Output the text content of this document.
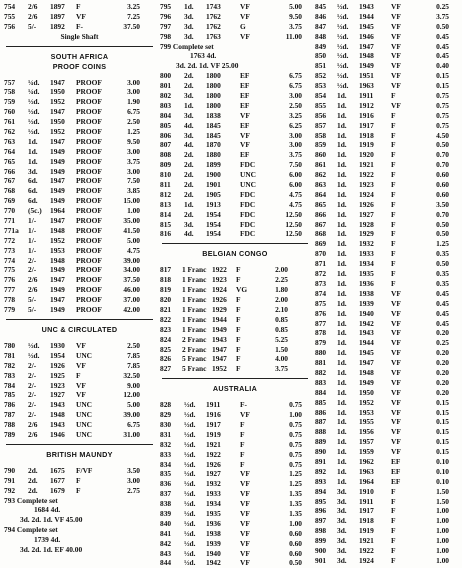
754	2/6	1897	F	3.25
755	2/6	1897	VF	7.25
756	5/-	1892	F-	37.50
Single Shaft
SOUTH AFRICA
PROOF COINS
757	¼d.	1947	PROOF	3.00
758	¼d.	1950	PROOF	3.00
759	½d.	1952	PROOF	1.90
760	½d.	1947	PROOF	6.75
761	½d.	1950	PROOF	2.50
762	½d.	1952	PROOF	1.25
763	1d.	1947	PROOF	9.50
764	1d.	1949	PROOF	3.00
765	1d.	1949	PROOF	3.75
766	3d.	1949	PROOF	3.00
767	6d.	1947	PROOF	7.50
768	6d.	1949	PROOF	3.85
769	6d.	1949	PROOF	15.00
770	(5c.)	1964	PROOF	1.00
771	1/-	1947	PROOF	35.00
771a	1/-	1948	PROOF	41.50
772	1/-	1952	PROOF	5.00
773	1/-	1953	PROOF	4.75
774	2/-	1948	PROOF	39.00
775	2/-	1949	PROOF	34.00
776	2/6	1947	PROOF	37.50
777	2/6	1949	PROOF	46.00
778	5/-	1947	PROOF	37.00
779	5/-	1949	PROOF	42.00
UNC & CIRCULATED
780	½d.	1930	VF	2.50
781	½d.	1954	UNC	7.85
782	2/-	1926	VF	7.85
783	2/-	1925	F	32.50
784	2/-	1923	VF	9.00
785	2/-	1927	VF	12.00
786	2/-	1943	UNC	5.00
787	2/-	1948	UNC	39.00
788	2/6	1943	UNC	6.75
789	2/6	1946	UNC	31.00
BRITISH MAUNDY
790	2d.	1675	F/VF	3.50
791	2d.	1677	F	3.00
792	2d.	1679	F	2.75
793 Complete set
1684 4d.
3d. 2d. 1d. VF 45.00
794 Complete set
1739 4d.
3d. 2d. 1d. EF 40.00
795	1d.	1743	VF	5.00
796	3d.	1762	VF	9.50
797	3d.	1762	G	3.75
798	3d.	1763	VF	11.00
799 Complete set
1763 4d.
3d. 2d. 1d. VF 25.00
800	2d.	1800	EF	6.75
801	2d.	1800	EF	6.75
802	3d.	1800	EF	3.00
803	1d.	1800	EF	2.50
804	3d.	1838	VF	3.25
805	4d.	1845	EF	6.25
806	3d.	1845	VF	3.00
807	4d.	1870	VF	3.00
808	2d.	1880	EF	3.75
809	2d.	1899	FDC	7.50
810	2d.	1900	UNC	6.00
811	2d.	1901	UNC	6.00
812	2d.	1905	FDC	4.75
813	1d.	1913	FDC	4.75
814	2d.	1954	FDC	12.50
815	3d.	1954	FDC	12.50
816	4d.	1954	FDC	12.50
BELGIAN CONGO
817	1 Franc 1922	F	2.00
818	1 Franc 1923	F	2.25
819	1 Franc 1924	VG	1.80
820	1 Franc 1926	F	2.00
821	1 Franc 1929	F	2.10
822	1 Franc 1944	F	0.85
823	1 Franc 1949	F	0.85
824	2 Franc 1943	F	5.25
825	2 Franc 1947	F	1.50
826	5 Franc 1947	F	4.00
827	5 Franc 1952	F	3.75
AUSTRALIA
828	½d.	1911	F-	0.75
829	½d.	1916	VF	1.00
830	½d.	1917	F	0.75
831	½d.	1919	F	0.75
832	½d.	1921	F	0.75
833	½d.	1922	F	0.75
834	½d.	1926	F	0.75
835	½d.	1927	VF	1.25
836	½d.	1932	VF	1.25
837	½d.	1933	VF	1.35
838	½d.	1934	VF	1.35
839	½d.	1935	VF	1.35
840	½d.	1936	VF	1.00
841	½d.	1938	VF	0.60
842	½d.	1939	VF	0.60
843	½d.	1940	VF	0.60
844	½d.	1942	VF	0.50
845	½d.	1943	VF	0.25
846	½d.	1944	VF	3.75
847	½d.	1945	VF	0.50
848	½d.	1946	VF	0.45
849	½d.	1947	VF	0.45
850	½d.	1948	VF	0.45
851	½d.	1949	VF	0.40
852	½d.	1951	VF	0.15
853	½d.	1963	VF	0.15
854	1d.	1911	F	0.75
855	1d.	1912	VF	0.75
856	1d.	1916	F	0.75
857	1d.	1917	F	0.75
858	1d.	1918	F	4.50
859	1d.	1919	F	0.50
860	1d.	1920	F	0.70
861	1d.	1921	F	0.70
862	1d.	1922	F	0.60
863	1d.	1923	F	0.60
864	1d.	1924	F	0.60
865	1d.	1926	F	3.50
866	1d.	1927	F	0.70
867	1d.	1928	F	0.50
868	1d.	1929	F	0.50
869	1d.	1932	F	1.25
870	1d.	1933	F	0.35
871	1d.	1934	F	0.50
872	1d.	1935	F	0.35
873	1d.	1936	F	0.35
874	1d.	1938	VF	0.45
875	1d.	1939	VF	0.45
876	1d.	1940	VF	0.45
877	1d.	1942	VF	0.45
878	1d.	1943	VF	0.20
879	1d.	1944	VF	0.25
880	1d.	1945	VF	0.20
881	1d.	1947	VF	0.20
882	1d.	1948	VF	0.20
883	1d.	1949	VF	0.20
884	1d.	1950	VF	0.20
885	1d.	1952	VF	0.15
886	1d.	1953	VF	0.15
887	1d.	1955	VF	0.15
888	1d.	1956	VF	0.15
889	1d.	1957	VF	0.15
890	1d.	1959	VF	0.15
891	1d.	1962	EF	0.10
892	1d.	1963	EF	0.10
893	1d.	1964	EF	0.10
894	3d.	1910	F	1.50
895	3d.	1911	F	1.50
896	3d.	1917	F	1.00
897	3d.	1918	F	1.00
898	3d.	1919	F	1.00
899	3d.	1921	F	1.00
900	3d.	1922	F	1.00
901	3d.	1924	F	1.00
